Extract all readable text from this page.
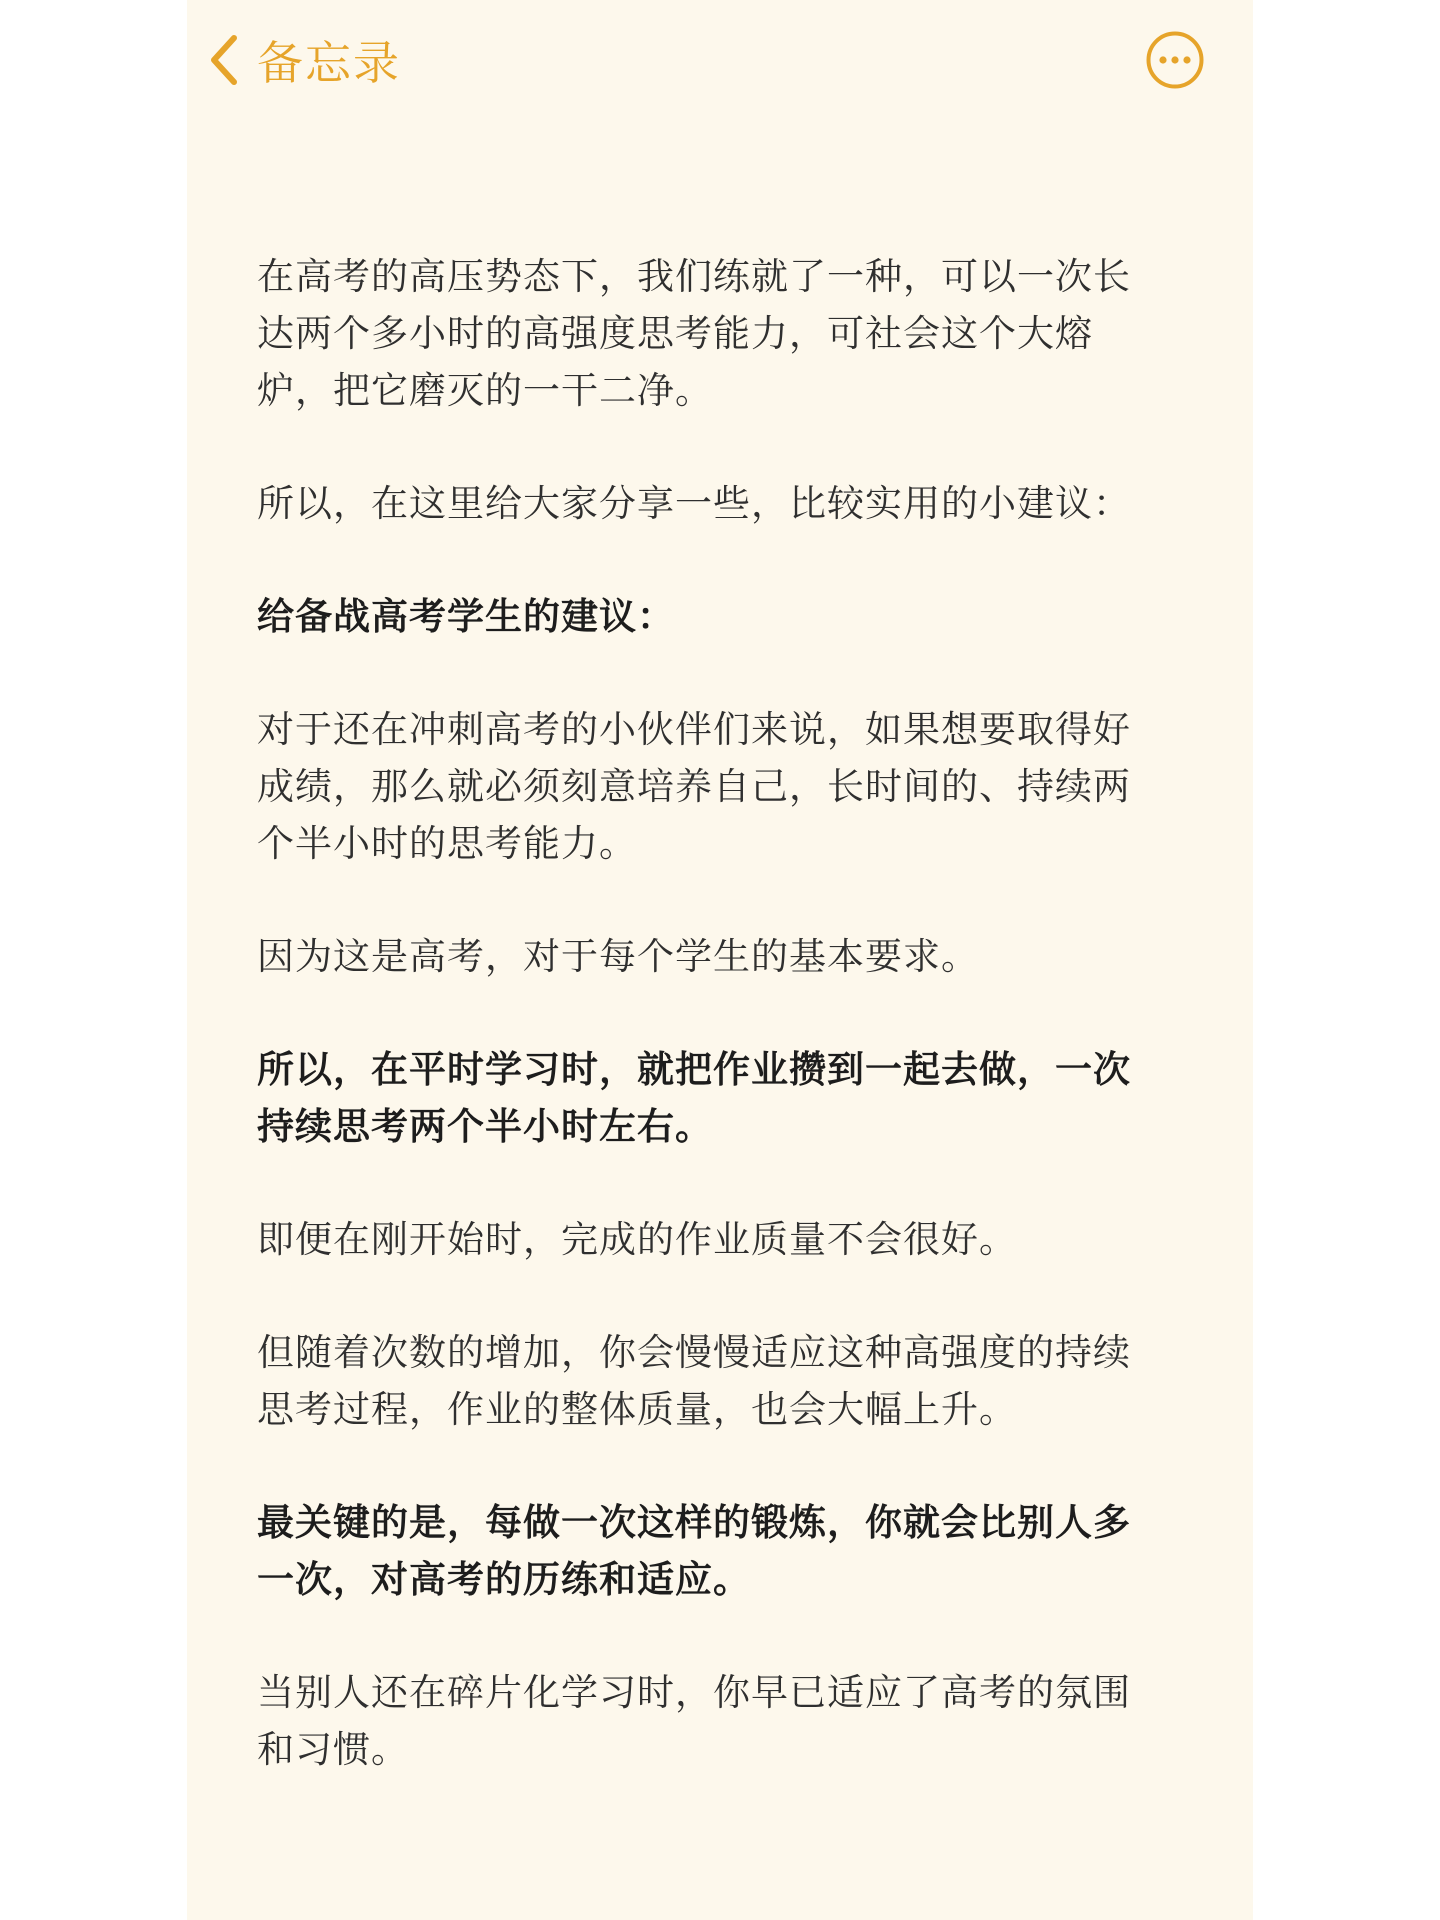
备忘录

在高考的高压势态下，我们练就了一种，可以一次长达两个多小时的高强度思考能力，可社会这个大熔炉，把它磨灭的一干二净。

所以，在这里给大家分享一些，比较实用的小建议：

给备战高考学生的建议：

对于还在冲刺高考的小伙伴们来说，如果想要取得好成绩，那么就必须刻意培养自己，长时间的、持续两个半小时的思考能力。

因为这是高考，对于每个学生的基本要求。

所以，在平时学习时，就把作业攒到一起去做，一次持续思考两个半小时左右。

即便在刚开始时，完成的作业质量不会很好。

但随着次数的增加，你会慢慢适应这种高强度的持续思考过程，作业的整体质量，也会大幅上升。

最关键的是，每做一次这样的锻炼，你就会比别人多一次，对高考的历练和适应。

当别人还在碎片化学习时，你早已适应了高考的氛围和习惯。
